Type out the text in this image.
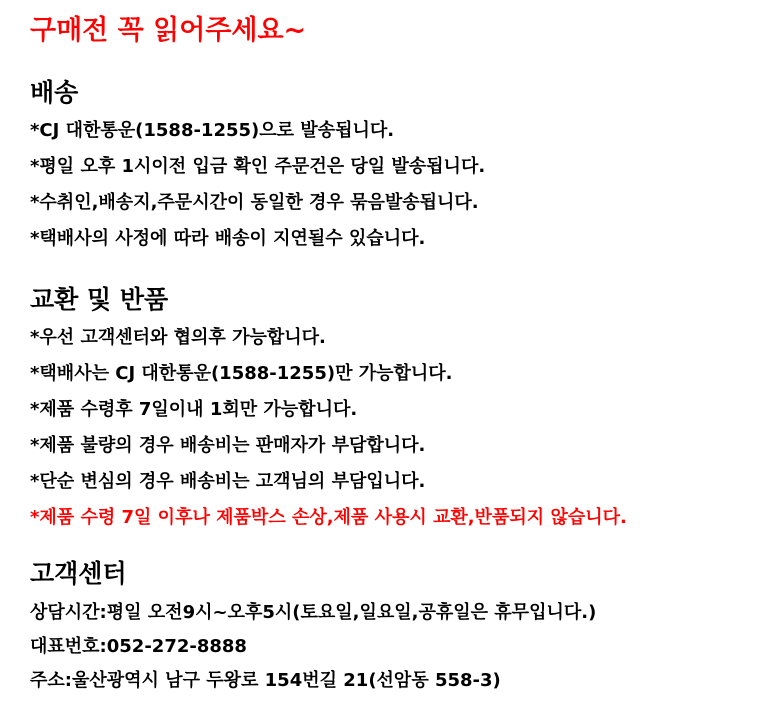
구매전 꼭 읽어주세요~
배송
*CJ 대한통운(1588-1255)으로 발송됩니다.
*평일 오후 1시이전 입금 확인 주문건은 당일 발송됩니다.
*수취인,배송지,주문시간이 동일한 경우 묶음발송됩니다.
*택배사의 사정에 따라 배송이 지연될수 있습니다.
교환 및 반품
*우선 고객센터와 협의후 가능합니다.
*택배사는 CJ 대한통운(1588-1255)만 가능합니다.
*제품 수령후 7일이내 1회만 가능합니다.
*제품 불량의 경우 배송비는 판매자가 부담합니다.
*단순 변심의 경우 배송비는 고객님의 부담입니다.
*제품 수령 7일 이후나 제품박스 손상,제품 사용시 교환,반품되지 않습니다.
고객센터
상담시간:평일 오전9시~오후5시(토요일,일요일,공휴일은 휴무입니다.)
대표번호:052-272-8888
주소:울산광역시 남구 두왕로 154번길 21(선암동 558-3)
